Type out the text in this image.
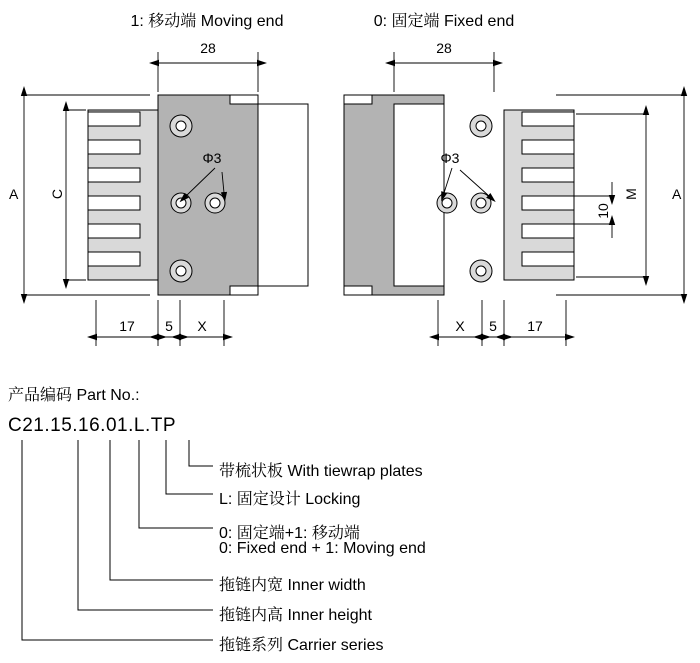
1: 移动端 Moving end	0: 固定端 Fixed end
28	28
A C	A
M
10
Φ3	Φ3
17 5 X	X 5 17
产品编码 Part No.:
C21.15.16.01.L.TP
带梳状板 With tiewrap plates
L: 固定设计 Locking
0: 固定端+1: 移动端
0: Fixed end + 1: Moving end
拖链内宽 Inner width
拖链内高 Inner height
拖链系列 Carrier series
